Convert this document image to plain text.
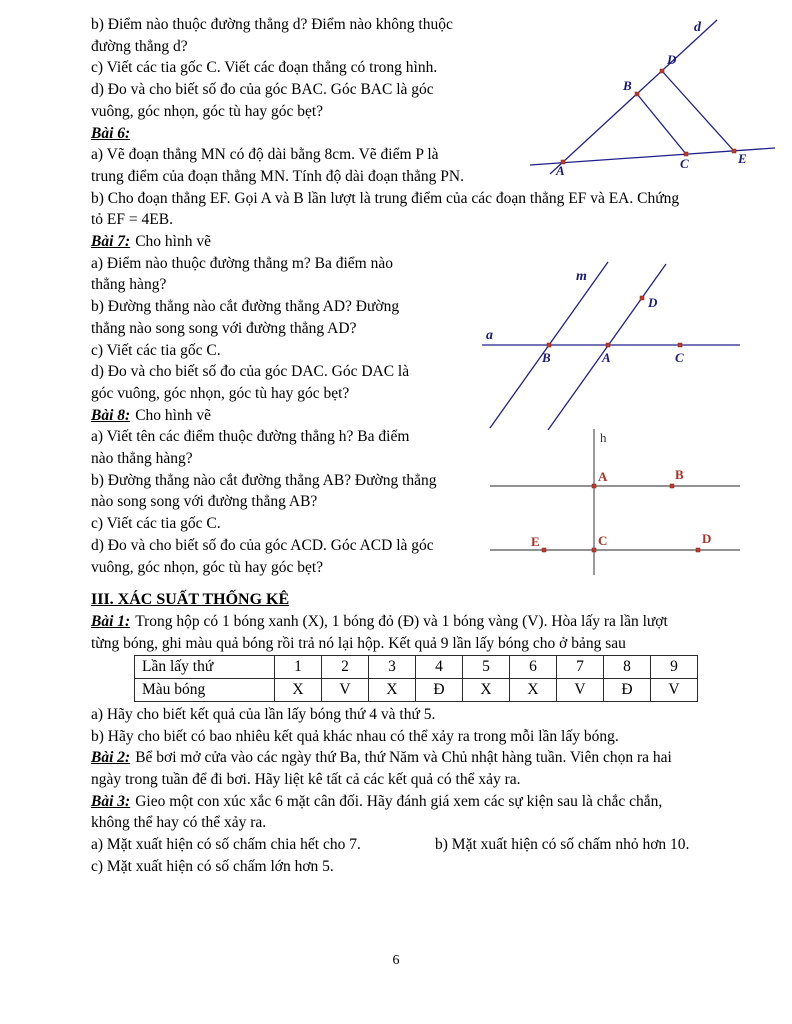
b) Điểm nào thuộc đường thẳng d? Điểm nào không thuộc
đường thẳng d?
c) Viết các tia gốc C. Viết các đoạn thẳng có trong hình.
d) Đo và cho biết số đo của góc BAC. Góc BAC là góc
vuông, góc nhọn, góc tù hay góc bẹt?
Bài 6:
a) Vẽ đoạn thẳng MN có độ dài bằng 8cm. Vẽ điểm P là
trung điểm của đoạn thẳng MN. Tính độ dài đoạn thẳng PN.
b) Cho đoạn thẳng EF. Gọi A và B lần lượt là trung điểm của các đoạn thẳng EF và EA. Chứng
tỏ EF = 4EB.
Bài 7: Cho hình vẽ
a) Điểm nào thuộc đường thẳng m? Ba điểm nào
thẳng hàng?
b) Đường thẳng nào cắt đường thẳng AD? Đường
thẳng nào song song với đường thẳng AD?
c) Viết các tia gốc C.
d) Đo và cho biết số đo của góc DAC. Góc DAC là
góc vuông, góc nhọn, góc tù hay góc bẹt?
Bài 8: Cho hình vẽ
a) Viết tên các điểm thuộc đường thẳng h? Ba điểm
nào thẳng hàng?
b) Đường thẳng nào cắt đường thẳng AB? Đường thẳng
nào song song với đường thẳng AB?
c) Viết các tia gốc C.
d) Đo và cho biết số đo của góc ACD. Góc ACD là góc
vuông, góc nhọn, góc tù hay góc bẹt?
III. XÁC SUẤT THỐNG KÊ
Bài 1: Trong hộp có 1 bóng xanh (X), 1 bóng đỏ (Đ) và 1 bóng vàng (V). Hòa lấy ra lần lượt
từng bóng, ghi màu quả bóng rồi trả nó lại hộp. Kết quả 9 lần lấy bóng cho ở bảng sau
Lần lấy thứ	1	2	3	4	5	6	7	8	9
Màu bóng	X	V	X	Đ	X	X	V	Đ	V
a) Hãy cho biết kết quả của lần lấy bóng thứ 4 và thứ 5.
b) Hãy cho biết có bao nhiêu kết quả khác nhau có thể xảy ra trong mỗi lần lấy bóng.
Bài 2: Bể bơi mở cửa vào các ngày thứ Ba, thứ Năm và Chủ nhật hàng tuần. Viên chọn ra hai
ngày trong tuần để đi bơi. Hãy liệt kê tất cả các kết quả có thể xảy ra.
Bài 3: Gieo một con xúc xắc 6 mặt cân đối. Hãy đánh giá xem các sự kiện sau là chắc chắn,
không thể hay có thể xảy ra.
a) Mặt xuất hiện có số chấm chia hết cho 7.	b) Mặt xuất hiện có số chấm nhỏ hơn 10.
c) Mặt xuất hiện có số chấm lớn hơn 5.
d
D
B
A	C	E
m
a
B	A	C
D
h
A	B
E	C	D
6
